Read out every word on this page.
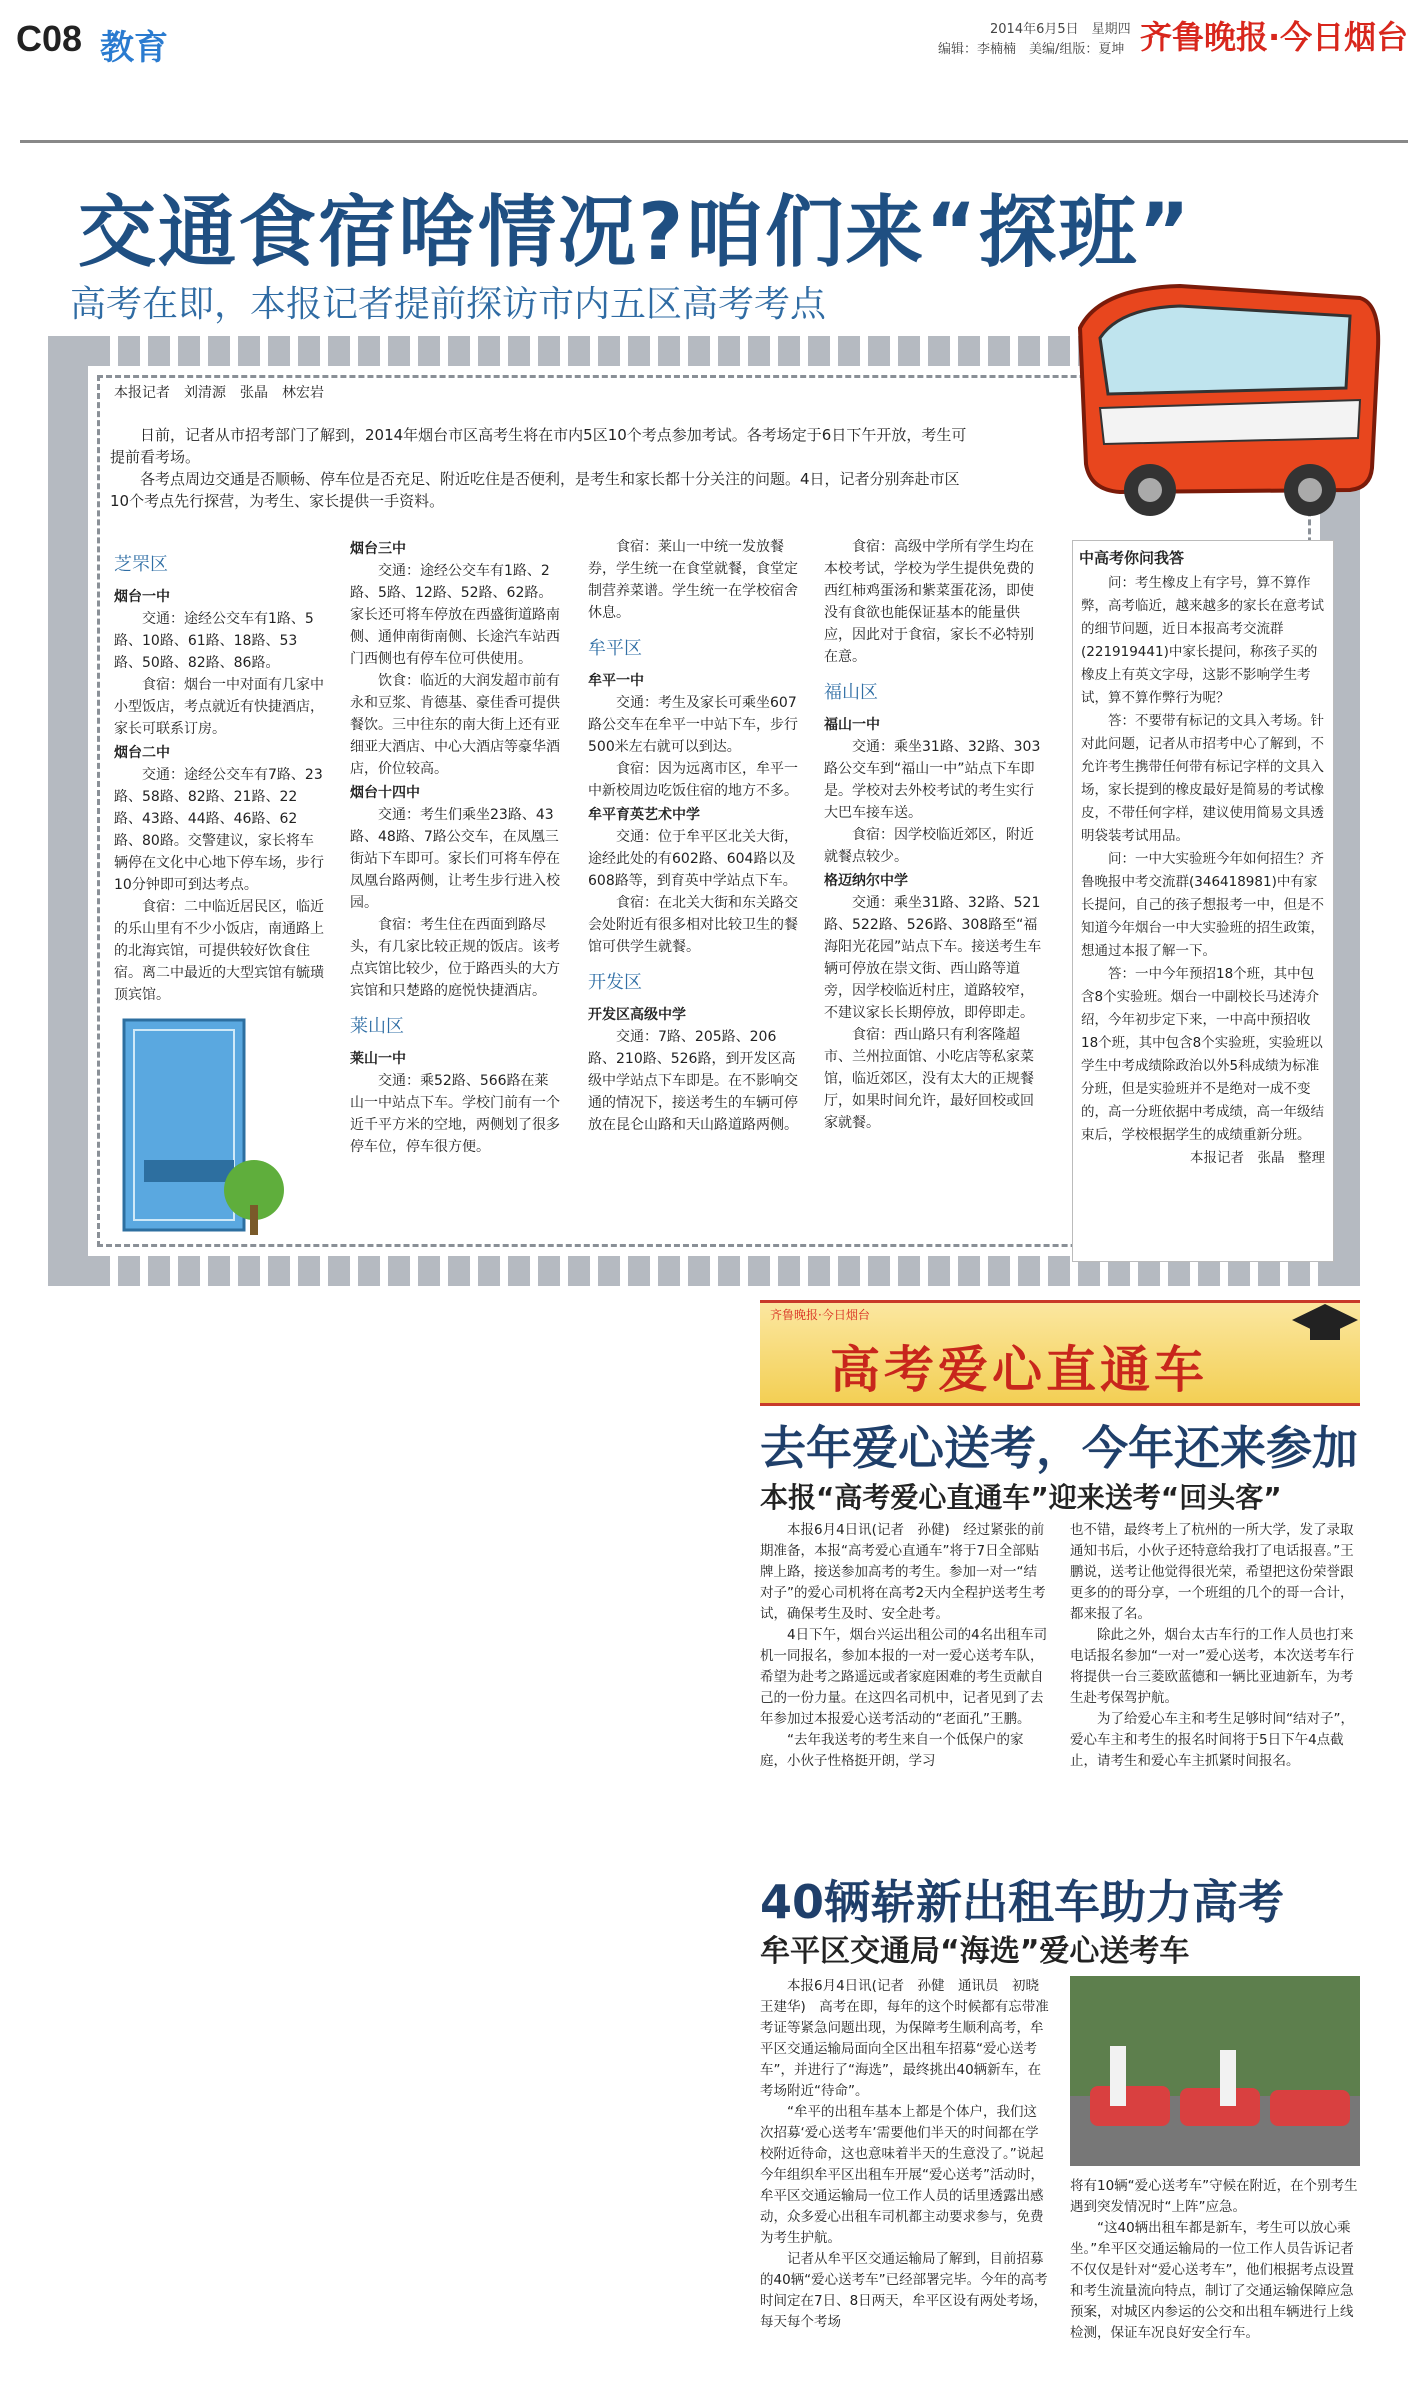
C08 教育	2014年6月5日　星期四
编辑：李楠楠　美编/组版：夏坤 齐鲁晚报·今日烟台
交通食宿啥情况?咱们来“探班”
高考在即，本报记者提前探访市内五区高考考点
本报记者　刘清源　张晶　林宏岩
日前，记者从市招考部门了解到，2014年烟台市区高考生将在市内5区10个考点参加考试。各考场定于6日下午开放，考生可提前看考场。
各考点周边交通是否顺畅、停车位是否充足、附近吃住是否便利，是考生和家长都十分关注的问题。4日，记者分别奔赴市区10个考点先行探营，为考生、家长提供一手资料。
芝罘区
烟台一中

交通：途经公交车有1路、5路、10路、61路、18路、53路、50路、82路、86路。

食宿：烟台一中对面有几家中小型饭店，考点就近有快捷酒店，家长可联系订房。

烟台二中

交通：途经公交车有7路、23路、58路、82路、21路、22路、43路、44路、46路、62路、80路。交警建议，家长将车辆停在文化中心地下停车场，步行10分钟即可到达考点。

食宿：二中临近居民区，临近的乐山里有不少小饭店，南通路上的北海宾馆，可提供较好饮食住宿。离二中最近的大型宾馆有毓璜顶宾馆。

烟台三中

交通：途经公交车有1路、2路、5路、12路、52路、62路。家长还可将车停放在西盛街道路南侧、通伸南街南侧、长途汽车站西门西侧也有停车位可供使用。

饮食：临近的大润发超市前有永和豆浆、肯德基、豪佳香可提供餐饮。三中往东的南大街上还有亚细亚大酒店、中心大酒店等豪华酒店，价位较高。

烟台十四中

交通：考生们乘坐23路、43路、48路、7路公交车，在凤凰三街站下车即可。家长们可将车停在凤凰台路两侧，让考生步行进入校园。

食宿：考生住在西面到路尽头，有几家比较正规的饭店。该考点宾馆比较少，位于路西头的大方宾馆和只楚路的庭悦快捷酒店。

莱山区
莱山一中

交通：乘52路、566路在莱山一中站点下车。学校门前有一个近千平方米的空地，两侧划了很多停车位，停车很方便。

食宿：莱山一中统一发放餐券，学生统一在食堂就餐，食堂定制营养菜谱。学生统一在学校宿舍休息。

牟平区
牟平一中

交通：考生及家长可乘坐607路公交车在牟平一中站下车，步行500米左右就可以到达。

食宿：因为远离市区，牟平一中新校周边吃饭住宿的地方不多。

牟平育英艺术中学

交通：位于牟平区北关大街，途经此处的有602路、604路以及608路等，到育英中学站点下车。

食宿：在北关大街和东关路交会处附近有很多相对比较卫生的餐馆可供学生就餐。

开发区
开发区高级中学

交通：7路、205路、206路、210路、526路，到开发区高级中学站点下车即是。在不影响交通的情况下，接送考生的车辆可停放在昆仑山路和天山路道路两侧。

食宿：高级中学所有学生均在本校考试，学校为学生提供免费的西红柿鸡蛋汤和紫菜蛋花汤，即使没有食欲也能保证基本的能量供应，因此对于食宿，家长不必特别在意。

福山区
福山一中

交通：乘坐31路、32路、303路公交车到“福山一中”站点下车即是。学校对去外校考试的考生实行大巴车接车送。

食宿：因学校临近郊区，附近就餐点较少。

格迈纳尔中学

交通：乘坐31路、32路、521路、522路、526路、308路至“福海阳光花园”站点下车。接送考生车辆可停放在崇文街、西山路等道旁，因学校临近村庄，道路较窄，不建议家长长期停放，即停即走。

食宿：西山路只有利客隆超市、兰州拉面馆、小吃店等私家菜馆，临近郊区，没有太大的正规餐厅，如果时间允许，最好回校或回家就餐。

中高考你问我答

问：考生橡皮上有字号，算不算作弊，高考临近，越来越多的家长在意考试的细节问题，近日本报高考交流群(221919441)中家长提问，称孩子买的橡皮上有英文字母，这影不影响学生考试，算不算作弊行为呢？

答：不要带有标记的文具入考场。针对此问题，记者从市招考中心了解到，不允许考生携带任何带有标记字样的文具入场，家长提到的橡皮最好是简易的考试橡皮，不带任何字样，建议使用简易文具透明袋装考试用品。

问：一中大实验班今年如何招生？齐鲁晚报中考交流群(346418981)中有家长提问，自己的孩子想报考一中，但是不知道今年烟台一中大实验班的招生政策，想通过本报了解一下。

答：一中今年预招18个班，其中包含8个实验班。烟台一中副校长马述涛介绍，今年初步定下来，一中高中预招收18个班，其中包含8个实验班，实验班以学生中考成绩除政治以外5科成绩为标准分班，但是实验班并不是绝对一成不变的，高一分班依据中考成绩，高一年级结束后，学校根据学生的成绩重新分班。

本报记者　张晶　整理

齐鲁晚报·今日烟台
高考爱心直通车
去年爱心送考，今年还来参加
本报“高考爱心直通车”迎来送考“回头客”

本报6月4日讯(记者　孙健)　经过紧张的前期准备，本报“高考爱心直通车”将于7日全部贴牌上路，接送参加高考的考生。参加一对一“结对子”的爱心司机将在高考2天内全程护送考生考试，确保考生及时、安全赴考。

4日下午，烟台兴运出租公司的4名出租车司机一同报名，参加本报的一对一爱心送考车队，希望为赴考之路遥远或者家庭困难的考生贡献自己的一份力量。在这四名司机中，记者见到了去年参加过本报爱心送考活动的“老面孔”王鹏。

“去年我送考的考生来自一个低保户的家庭，小伙子性格挺开朗，学习

也不错，最终考上了杭州的一所大学，发了录取通知书后，小伙子还特意给我打了电话报喜。”王鹏说，送考让他觉得很光荣，希望把这份荣誉跟更多的的哥分享，一个班组的几个的哥一合计，都来报了名。

除此之外，烟台太古车行的工作人员也打来电话报名参加“一对一”爱心送考，本次送考车行将提供一台三菱欧蓝德和一辆比亚迪新车，为考生赴考保驾护航。

为了给爱心车主和考生足够时间“结对子”，爱心车主和考生的报名时间将于5日下午4点截止，请考生和爱心车主抓紧时间报名。

40辆崭新出租车助力高考
牟平区交通局“海选”爱心送考车

本报6月4日讯(记者　孙健　通讯员　初晓　王建华)　高考在即，每年的这个时候都有忘带准考证等紧急问题出现，为保障考生顺利高考，牟平区交通运输局面向全区出租车招募“爱心送考车”，并进行了“海选”，最终挑出40辆新车，在考场附近“待命”。

“牟平的出租车基本上都是个体户，我们这次招募‘爱心送考车’需要他们半天的时间都在学校附近待命，这也意味着半天的生意没了。”说起今年组织牟平区出租车开展“爱心送考”活动时，牟平区交通运输局一位工作人员的话里透露出感动，众多爱心出租车司机都主动要求参与，免费为考生护航。

记者从牟平区交通运输局了解到，目前招募的40辆“爱心送考车”已经部署完毕。今年的高考时间定在7日、8日两天，牟平区设有两处考场，每天每个考场

将有10辆“爱心送考车”守候在附近，在个别考生遇到突发情况时“上阵”应急。

“这40辆出租车都是新车，考生可以放心乘坐。”牟平区交通运输局的一位工作人员告诉记者不仅仅是针对“爱心送考车”，他们根据考点设置和考生流量流向特点，制订了交通运输保障应急预案，对城区内参运的公交和出租车辆进行上线检测，保证车况良好安全行车。
